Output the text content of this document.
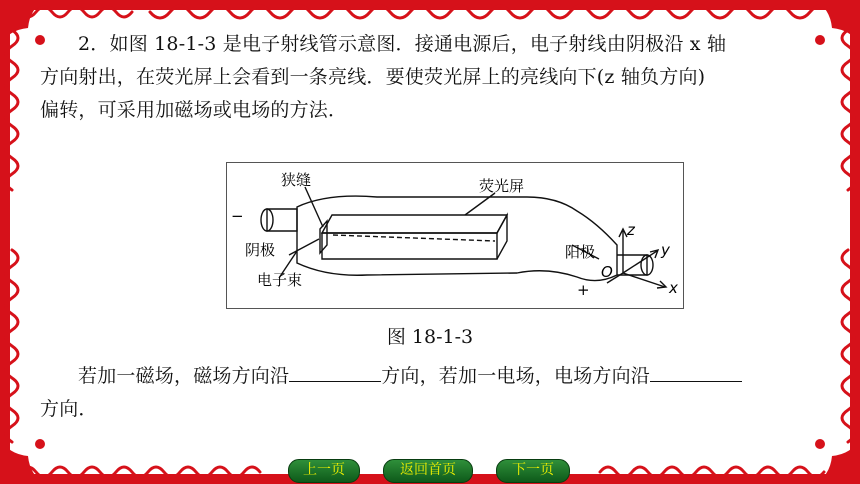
2．如图 18-1-3 是电子射线管示意图．接通电源后，电子射线由阴极沿 x 轴

方向射出，在荧光屏上会看到一条亮线．要使荧光屏上的亮线向下(z 轴负方向)

偏转，可采用加磁场或电场的方法．

狭缝	荧光屏
−
阴极
电子束
阳极
+
O
x
y
z
图 18-1-3

若加一磁场，磁场方向沿	方向，若加一电场，电场方向沿

方向．

上一页	返回首页	下一页
